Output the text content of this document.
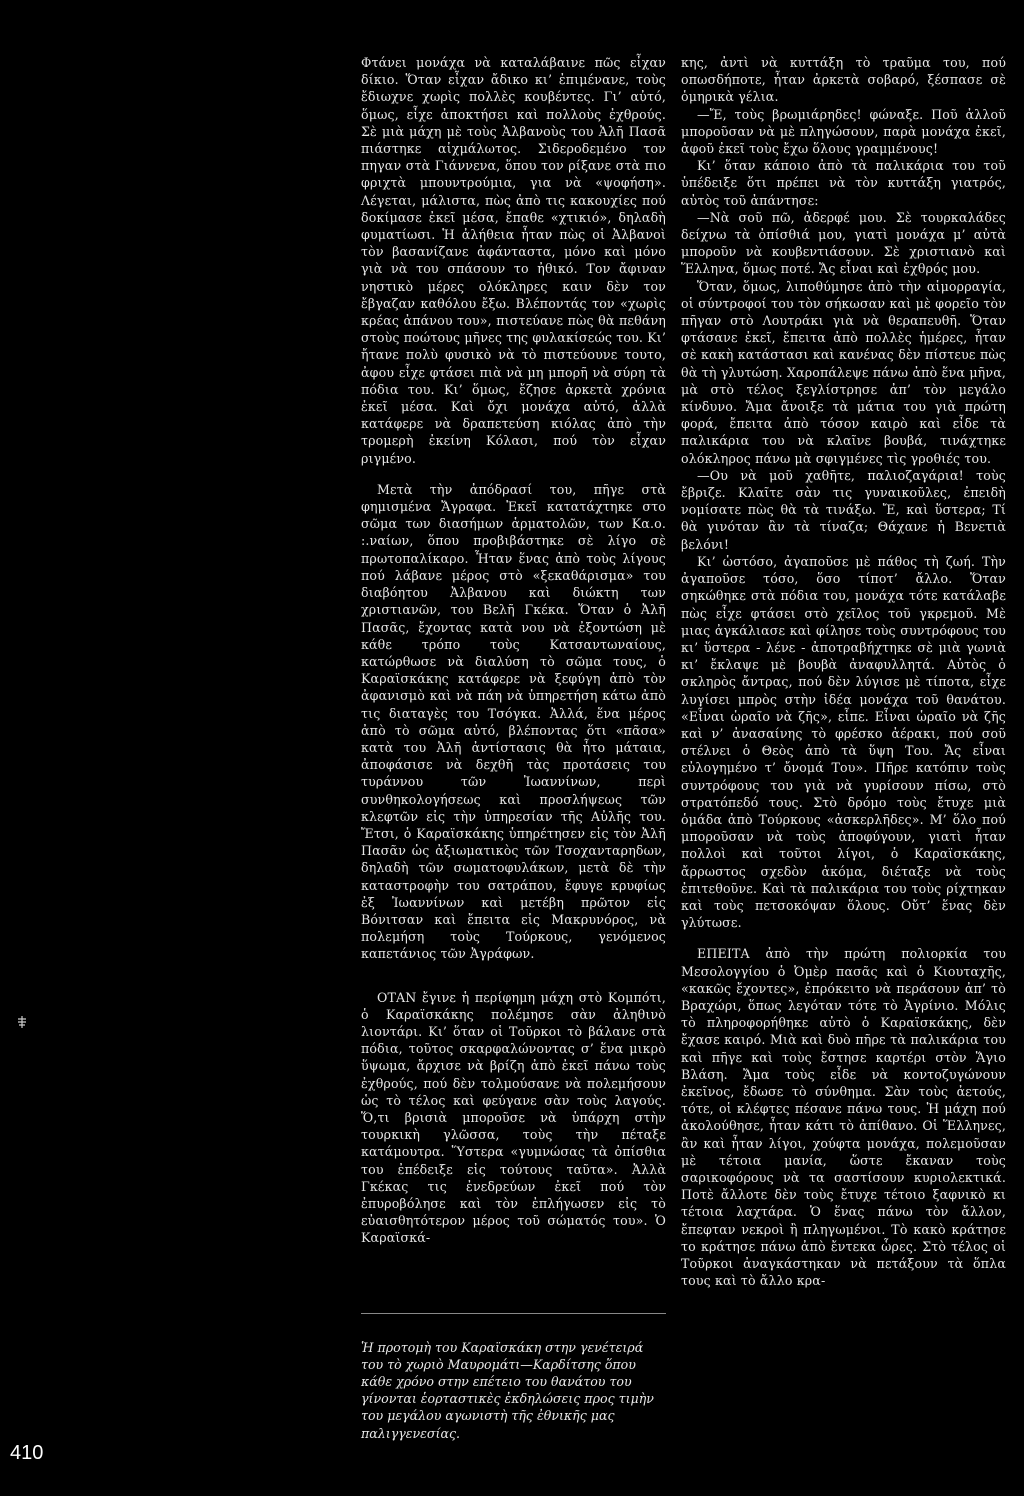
Φτάνει μονάχα νὰ καταλάβαινε πῶς εἶχαν δίκιο. Ὅταν εἶχαν ἄδικο κι’ ἐπιμένανε, τοὺς ἔδιωχνε χωρὶς πολλὲς κουβέντες. Γι’ αὐτό, ὅμως, εἶχε ἀποκτήσει καὶ πολλοὺς ἐχθρούς. Σὲ μιὰ μάχη μὲ τοὺς Ἀλβανοὺς του Ἀλῆ Πασᾶ πιάστηκε αἰχμάλωτος. Σιδεροδεμένο τον πηγαν στὰ Γιάννενα, ὅπου τον ρίξανε στὰ πιο φριχτὰ μπουντρούμια, για νὰ «ψοφήση». Λέγεται, μάλιστα, πὼς ἀπὸ τις κακουχίες πού δοκίμασε ἐκεῖ μέσα, ἔπαθε «χτικιό», δηλαδὴ φυματίωσι. Ἡ ἀλήθεια ἦταν πὼς οἱ Ἀλβανοὶ τὸν βασανίζανε ἀφάνταστα, μόνο καὶ μόνο γιὰ νὰ του σπάσουν το ἠθικό. Τον ἄφιναν νηστικὸ μέρες ολόκληρες καιν δὲν τον ἔβγαζαν καθόλου ἔξω. Βλέποντάς τον «χωρὶς κρέας ἀπάνου του», πιστεύανε πὼς θὰ πεθάνη στοὺς ποώτους μῆνες της φυλακίσεώς του. Κι’ ἤτανε πολὺ φυσικὸ νὰ τὸ πιστεύουνε τουτο, ἀφου εἶχε φτάσει πιὰ νὰ μη μπορῆ νὰ σύρη τὰ πόδια του. Κι’ ὅμως, ἔζησε ἀρκετὰ χρόνια ἐκεῖ μέσα. Καὶ ὄχι μονάχα αὐτό, ἀλλὰ κατάφερε νὰ δραπετεύση κιόλας ἀπὸ τὴν τρομερὴ ἐκείνη Κόλασι, πού τὸν εἶχαν ριγμένο.

Μετὰ τὴν ἀπόδρασί του, πῆγε στὰ φημισμένα Ἄγραφα. Ἐκεῖ κατατάχτηκε στο σῶμα των διασήμων ἁρματολῶν, των Κα.ο. :.ναίων, ὅπου προβιβάστηκε σὲ λίγο σὲ πρωτοπαλίκαρο. Ἦταν ἕνας ἀπὸ τοὺς λίγους πού λάβανε μέρος στὸ «ξεκαθάρισμα» του διαβόητου Ἀλβανου καὶ διώκτη των χριστιανῶν, του Βελῆ Γκέκα. Ὅταν ὁ Ἀλῆ Πασᾶς, ἔχοντας κατὰ νου νὰ ἐξοντώση μὲ κάθε τρόπο τοὺς Κατσαντωναίους, κατώρθωσε νὰ διαλύση τὸ σῶμα τους, ὁ Καραϊσκάκης κατάφερε νὰ ξεφύγη ἀπὸ τὸν ἀφανισμὸ καὶ νὰ πάη νὰ ὑπηρετήση κάτω ἀπὸ τις διαταγὲς του Τσόγκα. Ἀλλά, ἕνα μέρος ἀπὸ τὸ σῶμα αὐτό, βλέποντας ὅτι «πᾶσα» κατὰ του Ἀλῆ ἀντίστασις θὰ ἦτο μάταια, ἀποφάσισε νὰ δεχθῆ τὰς προτάσεις του τυράννου τῶν Ἰωαννίνων, περὶ συνθηκολογήσεως καὶ προσλήψεως τῶν κλεφτῶν εἰς τὴν ὑπηρεσίαν τῆς Αὐλῆς του. Ἔτσι, ὁ Καραϊσκάκης ὑπηρέτησεν εἰς τὸν Ἀλῆ Πασᾶν ὡς ἀξιωματικὸς τῶν Τσοχανταρηδων, δηλαδὴ τῶν σωματοφυλάκων, μετὰ δὲ τὴν καταστροφὴν του σατράπου, ἔφυγε κρυφίως ἐξ Ἰωαννίνων καὶ μετέβη πρῶτον εἰς Βόνιτσαν καὶ ἔπειτα εἰς Μακρυνόρος, νὰ πολεμήση τοὺς Τούρκους, γενόμενος καπετάνιος τῶν Ἀγράφων.

ΟΤΑΝ ἔγινε ἡ περίφημη μάχη στὸ Κομπότι, ὁ Καραϊσκάκης πολέμησε σὰν ἀληθινὸ λιοντάρι. Κι’ ὅταν οἱ Τοῦρκοι τὸ βάλανε στὰ πόδια, τοῦτος σκαρφαλώνοντας σ’ ἕνα μικρὸ ὕψωμα, ἄρχισε νὰ βρίζη ἀπὸ ἐκεῖ πάνω τοὺς ἐχθρούς, πού δὲν τολμούσανε νὰ πολεμήσουν ὡς τὸ τέλος καὶ φεύγανε σὰν τοὺς λαγούς. Ὅ,τι βρισιὰ μποροῦσε νὰ ὑπάρχη στὴν τουρκικὴ γλῶσσα, τοὺς τὴν πέταξε κατάμουτρα. Ὕστερα «γυμνώσας τὰ ὀπίσθια του ἐπέδειξε εἰς τούτους ταῦτα». Ἀλλὰ Γκέκας τις ἐνεδρεύων ἐκεῖ πού τὸν ἐπυροβόλησε καὶ τὸν ἐπλήγωσεν εἰς τὸ εὐαισθητότερον μέρος τοῦ σώματός του». Ὁ Καραϊσκά-

Ἡ προτομὴ του Καραϊσκάκη στην γενέτειρά του τὸ χωριὸ Μαυρομάτι—Καρδίτσης ὅπου κάθε χρόνο στην επέτειο του θανάτου του γίνονται ἑορταστικὲς ἐκδηλώσεις προς τιμὴν του μεγάλου αγωνιστὴ τῆς ἐθνικῆς μας παλιγγενεσίας.

κης, ἀντὶ νὰ κυττάξη τὸ τραῦμα του, πού οπωσδήποτε, ἦταν ἀρκετὰ σοβαρό, ξέσπασε σὲ ὁμηρικὰ γέλια.

—Ἔ, τοὺς βρωμιάρηδες! φώναξε. Ποῦ ἀλλοῦ μποροῦσαν νὰ μὲ πληγώσουν, παρὰ μονάχα ἐκεῖ, ἀφοῦ ἐκεῖ τοὺς ἔχω ὅλους γραμμένους!

Κι’ ὅταν κάποιο ἀπὸ τὰ παλικάρια του τοῦ ὑπέδειξε ὅτι πρέπει νὰ τὸν κυττάξη γιατρός, αὐτὸς τοῦ ἀπάντησε:

—Νὰ σοῦ πῶ, ἀδερφέ μου. Σὲ τουρκαλάδες δείχνω τὰ ὀπίσθιά μου, γιατὶ μονάχα μ’ αὐτὰ μποροῦν νὰ κουβεντιάσουν. Σὲ χριστιανὸ καὶ Ἕλληνα, ὅμως ποτέ. Ἄς εἶναι καὶ ἐχθρός μου.

Ὅταν, ὅμως, λιποθύμησε ἀπὸ τὴν αἱμορραγία, οἱ σύντροφοί του τὸν σήκωσαν καὶ μὲ φορεῖο τὸν πῆγαν στὸ Λουτράκι γιὰ νὰ θεραπευθῆ. Ὅταν φτάσανε ἐκεῖ, ἔπειτα ἀπὸ πολλὲς ἡμέρες, ἦταν σὲ κακὴ κατάστασι καὶ κανένας δὲν πίστευε πὼς θὰ τὴ γλυτώση. Χαροπάλεψε πάνω ἀπὸ ἕνα μῆνα, μὰ στὸ τέλος ξεγλίστρησε ἀπ’ τὸν μεγάλο κίνδυνο. Ἄμα ἄνοιξε τὰ μάτια του γιὰ πρώτη φορά, ἔπειτα ἀπὸ τόσον καιρὸ καὶ εἶδε τὰ παλικάρια του νὰ κλαῖνε βουβά, τινάχτηκε ολόκληρος πάνω μὰ σφιγμένες τὶς γροθιές του.

—Ου νὰ μοῦ χαθῆτε, παλιοζαγάρια! τοὺς ἔβριζε. Κλαῖτε σὰν τις γυναικοῦλες, ἐπειδὴ νομίσατε πὼς θὰ τὰ τινάξω. Ἔ, καὶ ὕστερα; Τί θὰ γινόταν ἂν τὰ τίναζα; Θάχανε ἡ Βενετιὰ βελόνι!

Κι’ ὡστόσο, ἀγαποῦσε μὲ πάθος τὴ ζωή. Τὴν ἀγαποῦσε τόσο, ὅσο τίποτ’ ἄλλο. Ὅταν σηκώθηκε στὰ πόδια του, μονάχα τότε κατάλαβε πὼς εἶχε φτάσει στὸ χεῖλος τοῦ γκρεμοῦ. Μὲ μιας ἀγκάλιασε καὶ φίλησε τοὺς συντρόφους του κι’ ὕστερα - λένε - ἀποτραβήχτηκε σὲ μιὰ γωνιὰ κι’ ἔκλαψε μὲ βουβὰ ἀναφυλλητά. Αὐτὸς ὁ σκληρὸς ἄντρας, πού δὲν λύγισε μὲ τίποτα, εἶχε λυγίσει μπρὸς στὴν ἰδέα μονάχα τοῦ θανάτου. «Εἶναι ὡραῖο νὰ ζῆς», εἶπε. Εἶναι ὡραῖο νὰ ζῆς καὶ ν’ ἀνασαίνης τὸ φρέσκο ἀέρακι, πού σοῦ στέλνει ὁ Θεὸς ἀπὸ τὰ ὕψη Του. Ἄς εἶναι εὐλογημένο τ’ ὄνομά Του». Πῆρε κατόπιν τοὺς συντρόφους του γιὰ νὰ γυρίσουν πίσω, στὸ στρατόπεδό τους. Στὸ δρόμο τοὺς ἔτυχε μιὰ ὁμάδα ἀπὸ Τούρκους «ἀσκερλῆδες». Μ’ ὅλο πού μποροῦσαν νὰ τοὺς ἀποφύγουν, γιατὶ ἦταν πολλοὶ καὶ τοῦτοι λίγοι, ὁ Καραϊσκάκης, ἄρρωστος σχεδὸν ἀκόμα, διέταξε νὰ τοὺς ἐπιτεθοῦνε. Καὶ τὰ παλικάρια του τοὺς ρίχτηκαν καὶ τοὺς πετσοκόψαν ὅλους. Οὔτ’ ἕνας δὲν γλύτωσε.

ΕΠΕΙΤΑ ἀπὸ τὴν πρώτη πολιορκία του Μεσολογγίου ὁ Ὀμὲρ πασᾶς καὶ ὁ Κιουταχῆς, «κακῶς ἔχοντες», ἐπρόκειτο νὰ περάσουν ἀπ’ τὸ Βραχώρι, ὅπως λεγόταν τότε τὸ Ἀγρίνιο. Μόλις τὸ πληροφορήθηκε αὐτὸ ὁ Καραϊσκάκης, δὲν ἔχασε καιρό. Μιὰ καὶ δυὸ πῆρε τὰ παλικάρια του καὶ πῆγε καὶ τοὺς ἔστησε καρτέρι στὸν Ἅγιο Βλάση. Ἄμα τοὺς εἶδε νὰ κοντοζυγώνουν ἐκεῖνος, ἔδωσε τὸ σύνθημα. Σὰν τοὺς ἀετούς, τότε, οἱ κλέφτες πέσανε πάνω τους. Ἡ μάχη πού ἀκολούθησε, ἦταν κάτι τὸ ἀπίθανο. Οἱ Ἕλληνες, ἂν καὶ ἦταν λίγοι, χούφτα μονάχα, πολεμοῦσαν μὲ τέτοια μανία, ὥστε ἔκαναν τοὺς σαρικοφόρους νὰ τα σαστίσουν κυριολεκτικά. Ποτὲ ἄλλοτε δὲν τοὺς ἔτυχε τέτοιο ξαφνικὸ κι τέτοια λαχτάρα. Ὁ ἕνας πάνω τὸν ἄλλον, ἔπεφταν νεκροὶ ἢ πληγωμένοι. Τὸ κακὸ κράτησε το κράτησε πάνω ἀπὸ ἔντεκα ὧρες. Στὸ τέλος οἱ Τοῦρκοι ἀναγκάστηκαν νὰ πετάξουν τὰ ὅπλα τους καὶ τὸ ἄλλο κρα-

410
